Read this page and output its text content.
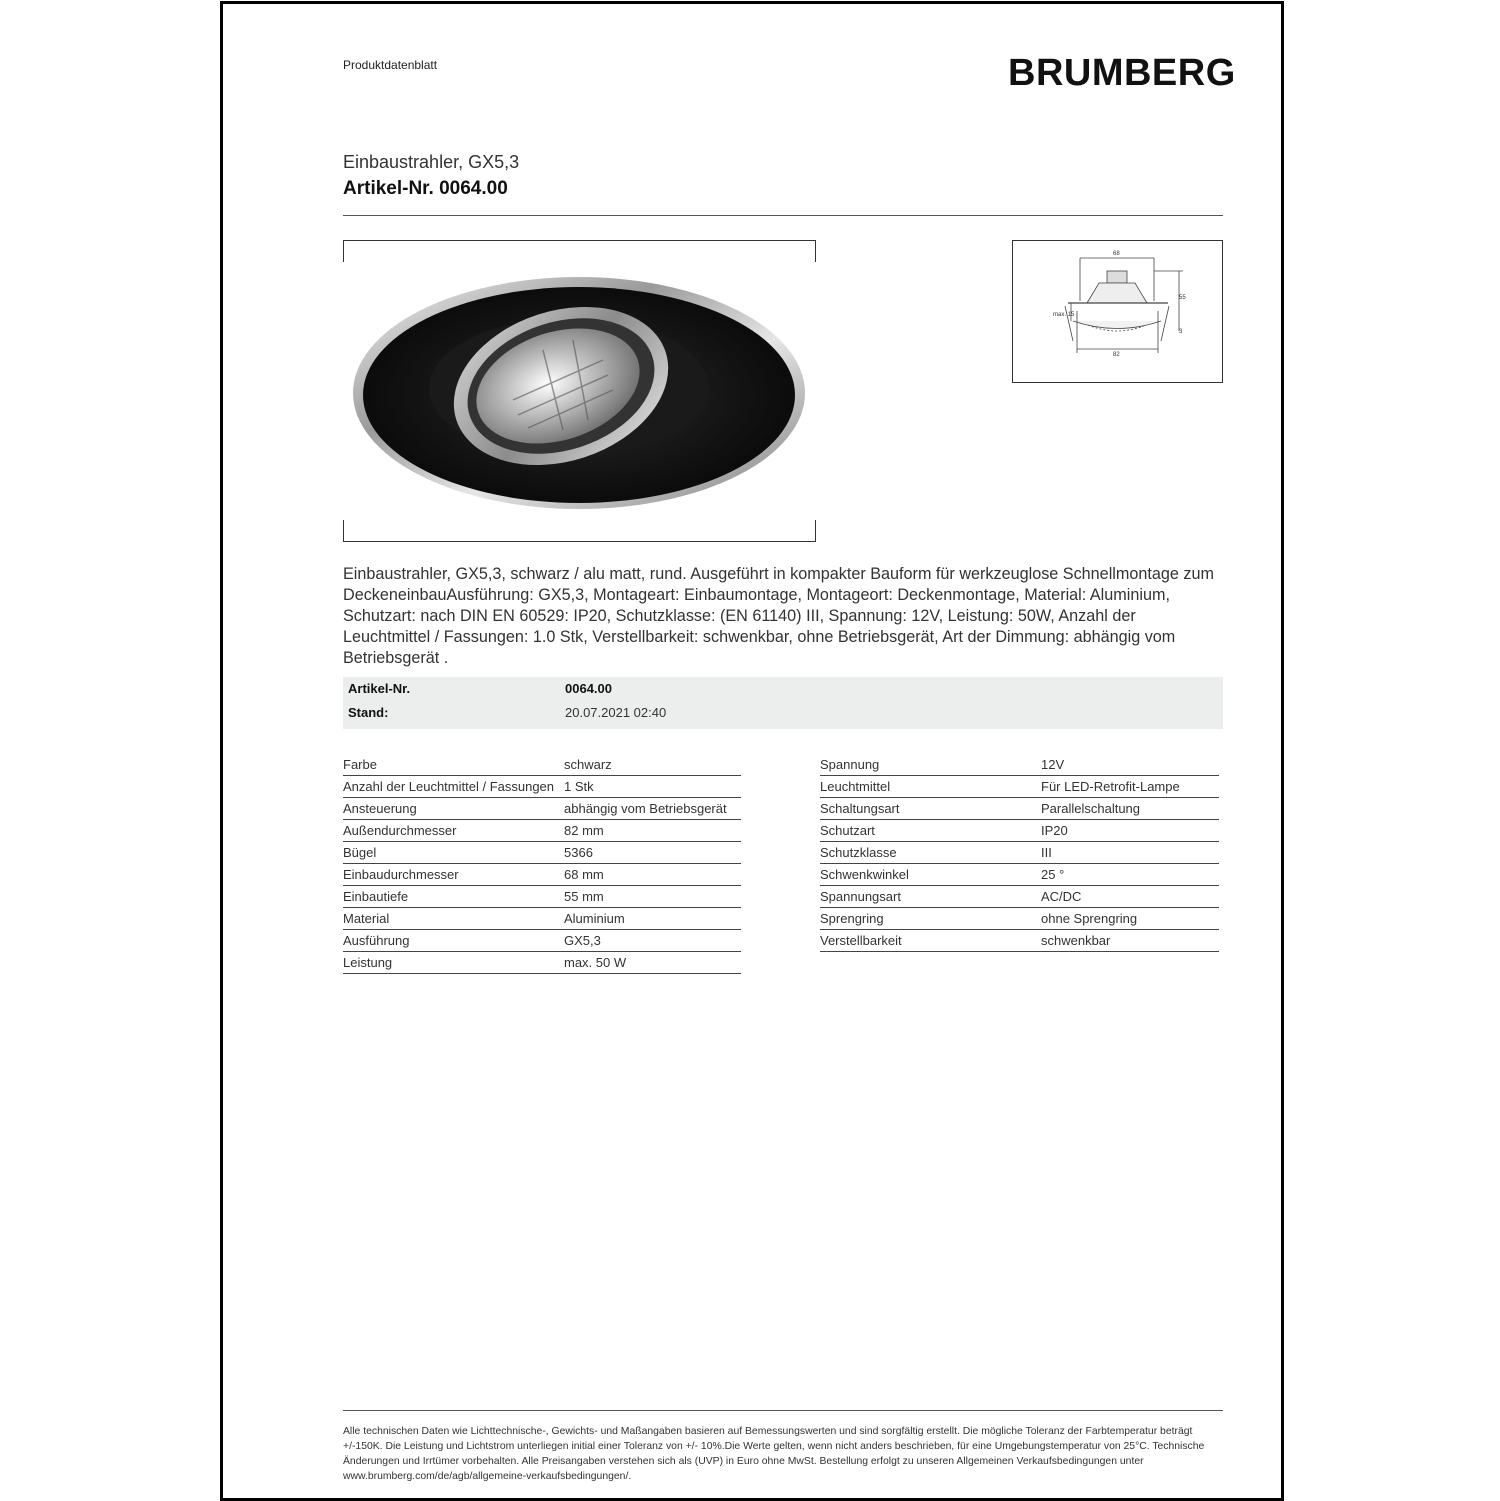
Produktdatenblatt	BRUMBERG
Einbaustrahler, GX5,3
Artikel-Nr. 0064.00
68
55
max. 15
3
82
Einbaustrahler, GX5,3, schwarz / alu matt, rund. Ausgeführt in kompakter Bauform für werkzeuglose Schnellmontage zum DeckeneinbauAusführung: GX5,3, Montageart: Einbaumontage, Montageort: Deckenmontage, Material: Aluminium, Schutzart: nach DIN EN 60529: IP20, Schutzklasse: (EN 61140) III, Spannung: 12V, Leistung: 50W, Anzahl der Leuchtmittel / Fassungen: 1.0 Stk, Verstellbarkeit: schwenkbar, ohne Betriebsgerät, Art der Dimmung: abhängig vom Betriebsgerät .
Artikel-Nr.	0064.00
Stand:	20.07.2021 02:40
Farbe	schwarz
Anzahl der Leuchtmittel / Fassungen 1 Stk
Ansteuerung	abhängig vom Betriebsgerät
Außendurchmesser	82 mm
Bügel	5366
Einbaudurchmesser	68 mm
Einbautiefe	55 mm
Material	Aluminium
Ausführung	GX5,3
Leistung	max. 50 W
Spannung	12V
Leuchtmittel	Für LED-Retrofit-Lampe
Schaltungsart	Parallelschaltung
Schutzart	IP20
Schutzklasse	III
Schwenkwinkel	25 °
Spannungsart	AC/DC
Sprengring	ohne Sprengring
Verstellbarkeit	schwenkbar
Alle technischen Daten wie Lichttechnische-, Gewichts- und Maßangaben basieren auf Bemessungswerten und sind sorgfältig erstellt. Die mögliche Toleranz der Farbtemperatur beträgt +/-150K. Die Leistung und Lichtstrom unterliegen initial einer Toleranz von +/- 10%.Die Werte gelten, wenn nicht anders beschrieben, für eine Umgebungstemperatur von 25°C. Technische Änderungen und Irrtümer vorbehalten. Alle Preisangaben verstehen sich als (UVP) in Euro ohne MwSt. Bestellung erfolgt zu unseren Allgemeinen Verkaufsbedingungen unter www.brumberg.com/de/agb/allgemeine-verkaufsbedingungen/.
